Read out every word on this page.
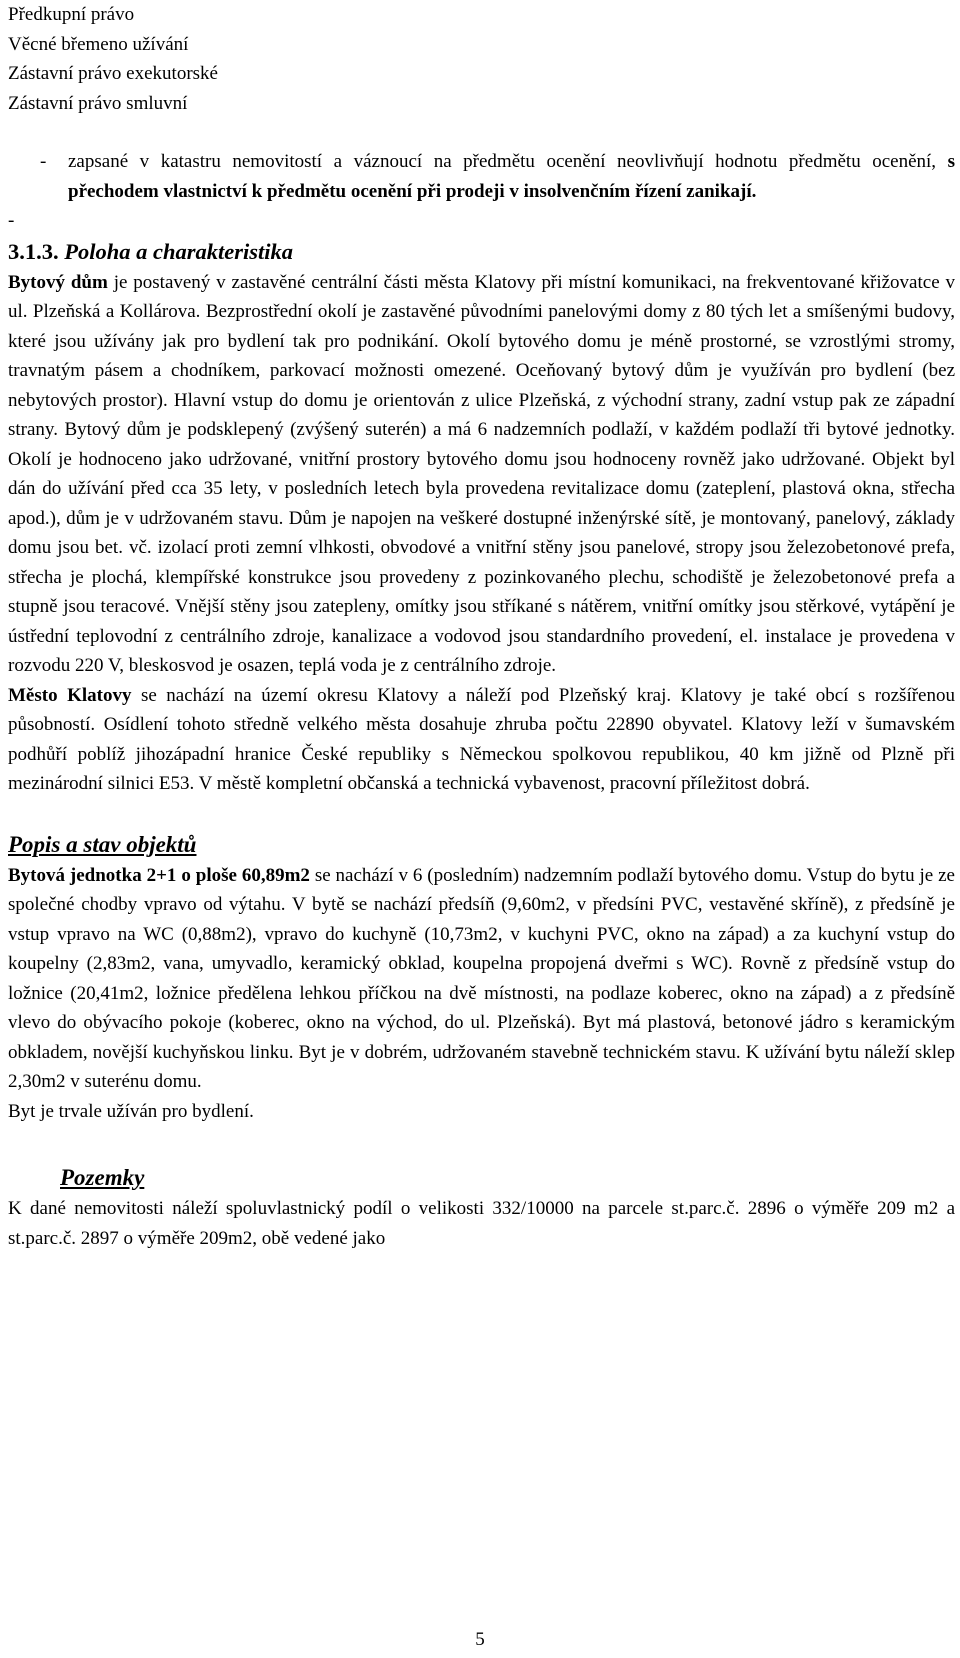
Předkupní právo
Věcné břemeno užívání
Zástavní právo exekutorské
Zástavní právo smluvní
-	zapsané v katastru nemovitostí a váznoucí na předmětu ocenění neovlivňují hodnotu předmětu ocenění, s přechodem vlastnictví k předmětu ocenění při prodeji v insolvenčním řízení zanikají.
-
3.1.3. Poloha a charakteristika

Bytový dům je postavený v zastavěné centrální části města Klatovy při místní komunikaci, na frekventované křižovatce v ul. Plzeňská a Kollárova. Bezprostřední okolí je zastavěné původními panelovými domy z 80 tých let a smíšenými budovy, které jsou užívány jak pro bydlení tak pro podnikání. Okolí bytového domu je méně prostorné, se vzrostlými stromy, travnatým pásem a chodníkem, parkovací možnosti omezené. Oceňovaný bytový dům je využíván pro bydlení (bez nebytových prostor). Hlavní vstup do domu je orientován z ulice Plzeňská, z východní strany, zadní vstup pak ze západní strany. Bytový dům je podsklepený (zvýšený suterén) a má 6 nadzemních podlaží, v každém podlaží tři bytové jednotky. Okolí je hodnoceno jako udržované, vnitřní prostory bytového domu jsou hodnoceny rovněž jako udržované. Objekt byl dán do užívání před cca 35 lety, v posledních letech byla provedena revitalizace domu (zateplení, plastová okna, střecha apod.), dům je v udržovaném stavu. Dům je napojen na veškeré dostupné inženýrské sítě, je montovaný, panelový, základy domu jsou bet. vč. izolací proti zemní vlhkosti, obvodové a vnitřní stěny jsou panelové, stropy jsou železobetonové prefa, střecha je plochá, klempířské konstrukce jsou provedeny z pozinkovaného plechu, schodiště je železobetonové prefa a stupně jsou teracové. Vnější stěny jsou zatepleny, omítky jsou stříkané s nátěrem, vnitřní omítky jsou stěrkové, vytápění je ústřední teplovodní z centrálního zdroje, kanalizace a vodovod jsou standardního provedení, el. instalace je provedena v rozvodu 220 V, bleskosvod je osazen, teplá voda je z centrálního zdroje.

Město Klatovy se nachází na území okresu Klatovy a náleží pod Plzeňský kraj. Klatovy je také obcí s rozšířenou působností. Osídlení tohoto středně velkého města dosahuje zhruba počtu 22890 obyvatel. Klatovy leží v šumavském podhůří poblíž jihozápadní hranice České republiky s Německou spolkovou republikou, 40 km jižně od Plzně při mezinárodní silnici E53. V městě kompletní občanská a technická vybavenost, pracovní příležitost dobrá.

Popis a stav objektů

Bytová jednotka 2+1 o ploše 60,89m2 se nachází v 6 (posledním) nadzemním podlaží bytového domu. Vstup do bytu je ze společné chodby vpravo od výtahu. V bytě se nachází předsíň (9,60m2, v předsíni PVC, vestavěné skříně), z předsíně je vstup vpravo na WC (0,88m2), vpravo do kuchyně (10,73m2, v kuchyni PVC, okno na západ) a za kuchyní vstup do koupelny (2,83m2, vana, umyvadlo, keramický obklad, koupelna propojená dveřmi s WC). Rovně z předsíně vstup do ložnice (20,41m2, ložnice předělena lehkou příčkou na dvě místnosti, na podlaze koberec, okno na západ) a z předsíně vlevo do obývacího pokoje (koberec, okno na východ, do ul. Plzeňská). Byt má plastová, betonové jádro s keramickým obkladem, novější kuchyňskou linku. Byt je v dobrém, udržovaném stavebně technickém stavu. K užívání bytu náleží sklep 2,30m2 v suterénu domu.

Byt je trvale užíván pro bydlení.

Pozemky

K dané nemovitosti náleží spoluvlastnický podíl o velikosti 332/10000 na parcele st.parc.č. 2896 o výměře 209 m2 a st.parc.č. 2897 o výměře 209m2, obě vedené jako

5
